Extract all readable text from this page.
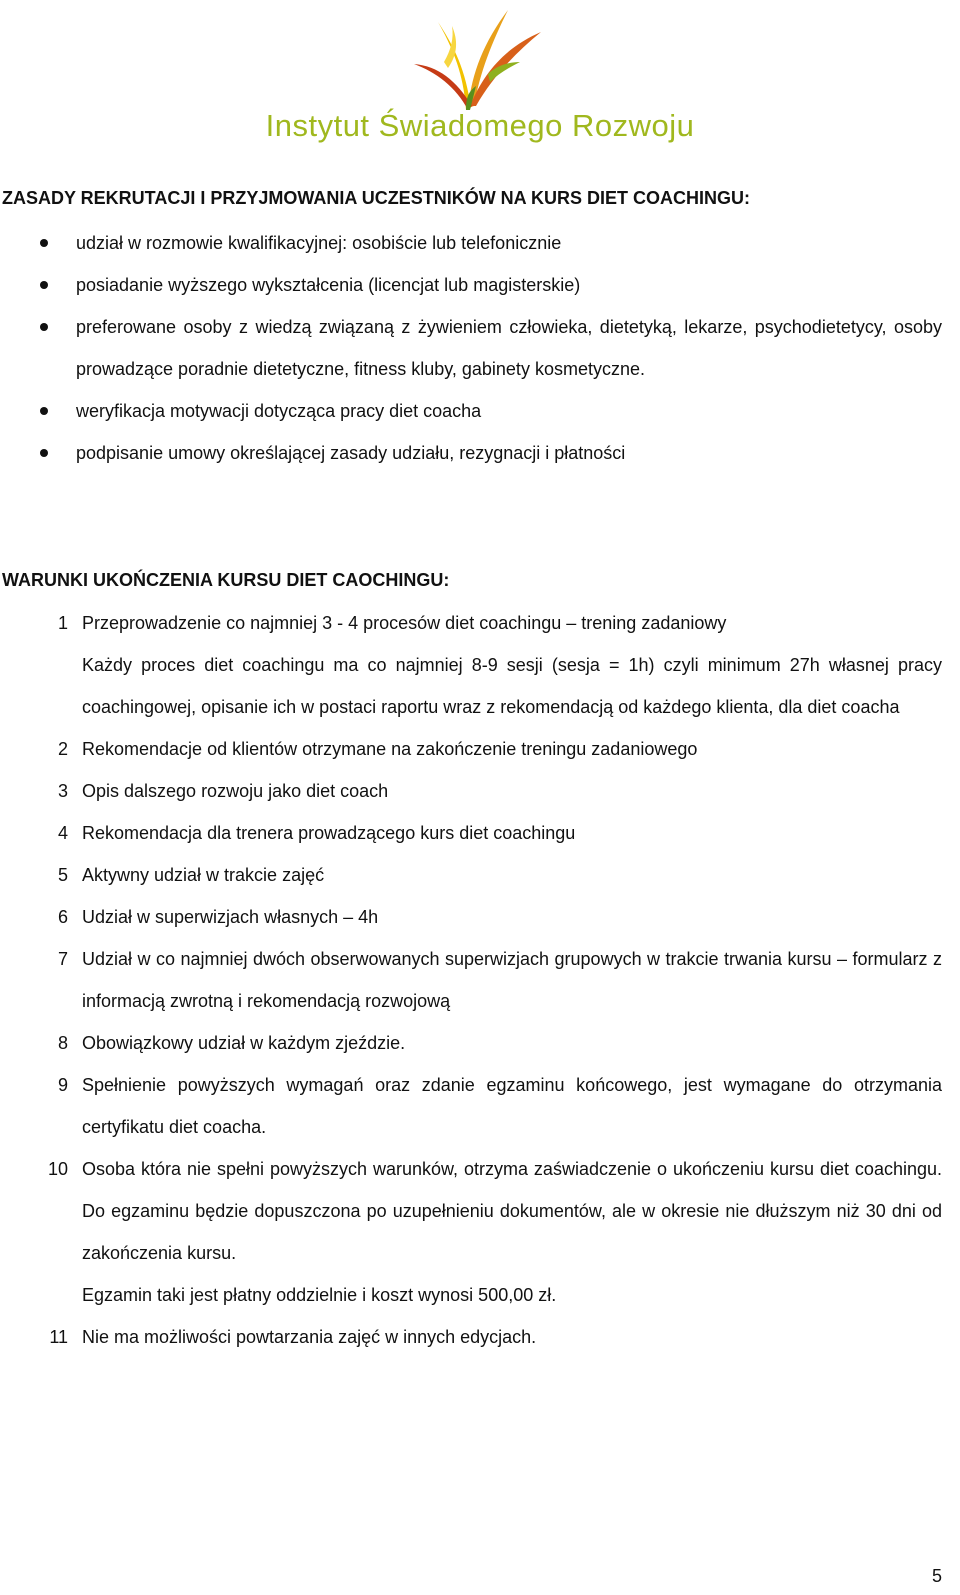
Instytut Świadomego Rozwoju
ZASADY REKRUTACJI I PRZYJMOWANIA UCZESTNIKÓW NA KURS DIET COACHINGU:
udział w rozmowie kwalifikacyjnej: osobiście lub telefonicznie
posiadanie wyższego wykształcenia (licencjat lub magisterskie)
preferowane osoby z wiedzą związaną z żywieniem człowieka, dietetyką, lekarze, psychodietetycy, osoby prowadzące poradnie dietetyczne, fitness kluby, gabinety kosmetyczne.
weryfikacja motywacji dotycząca pracy diet coacha
podpisanie umowy określającej zasady udziału, rezygnacji i płatności
WARUNKI UKOŃCZENIA KURSU DIET CAOCHINGU:
1 Przeprowadzenie co najmniej 3 - 4 procesów diet coachingu – trening zadaniowy
Każdy proces diet coachingu ma co najmniej 8-9 sesji (sesja = 1h) czyli minimum 27h własnej pracy coachingowej, opisanie ich w postaci raportu wraz z rekomendacją od każdego klienta, dla diet coacha
2 Rekomendacje od klientów otrzymane na zakończenie treningu zadaniowego
3 Opis dalszego rozwoju jako diet coach
4 Rekomendacja dla trenera prowadzącego kurs diet coachingu
5 Aktywny udział w trakcie zajęć
6 Udział w superwizjach własnych – 4h
7 Udział w co najmniej dwóch obserwowanych superwizjach grupowych w trakcie trwania kursu – formularz z informacją zwrotną i rekomendacją rozwojową
8 Obowiązkowy udział w każdym zjeździe.
9 Spełnienie powyższych wymagań oraz zdanie egzaminu końcowego, jest wymagane do otrzymania certyfikatu diet coacha.
10 Osoba która nie spełni powyższych warunków, otrzyma zaświadczenie o ukończeniu kursu diet coachingu. Do egzaminu będzie dopuszczona po uzupełnieniu dokumentów, ale w okresie nie dłuższym niż 30 dni od zakończenia kursu.
Egzamin taki jest płatny oddzielnie i koszt wynosi 500,00 zł.
11 Nie ma możliwości powtarzania zajęć w innych edycjach.
5
